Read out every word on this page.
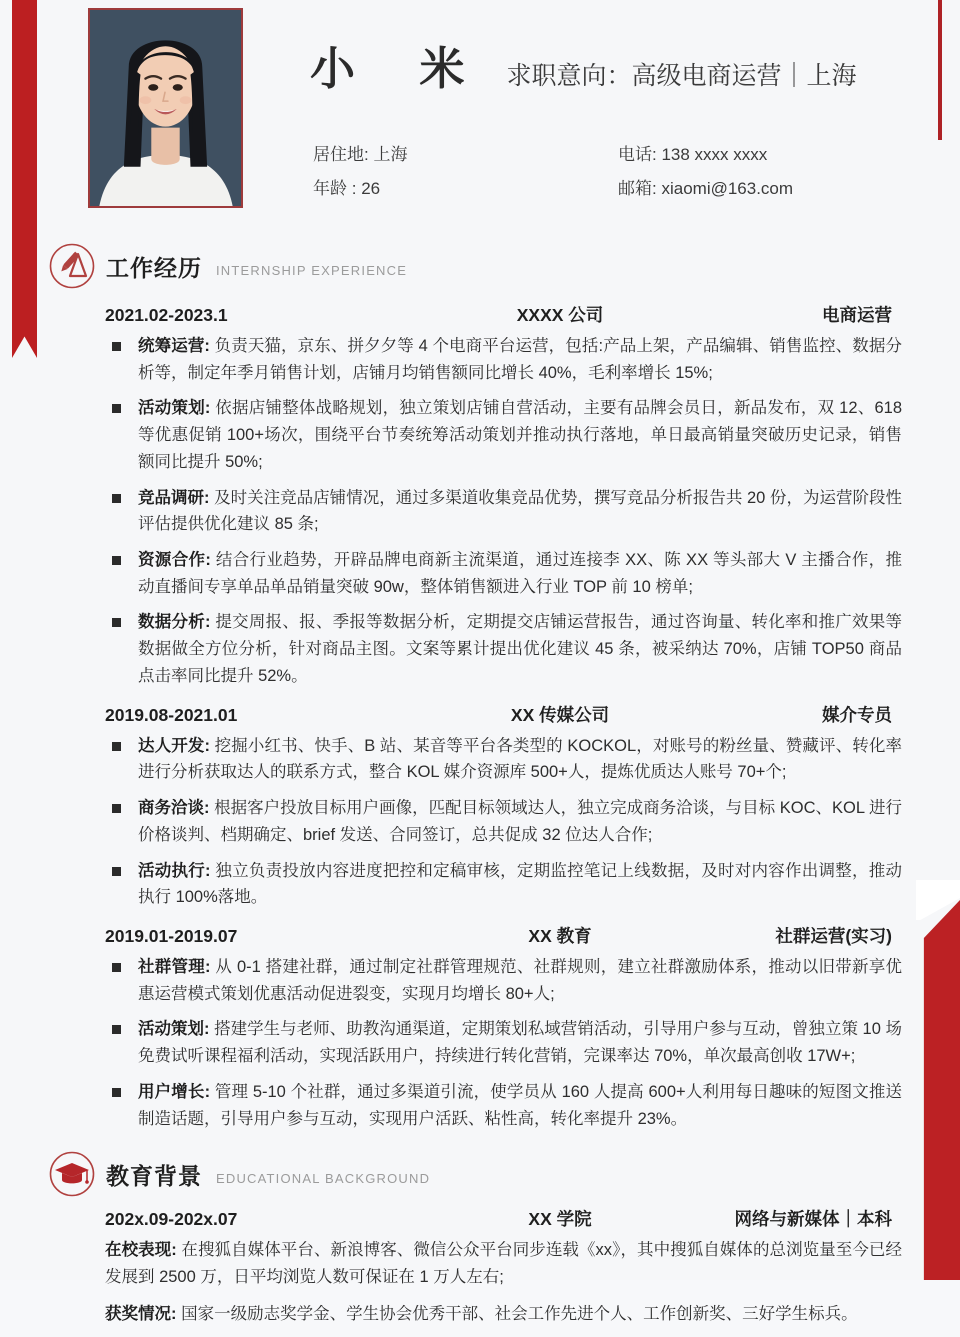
小 米 求职意向：高级电商运营｜上海
居住地: 上海	电话: 138 xxxx xxxx
年龄 : 26	邮箱: xiaomi@163.com
工作经历 INTERNSHIP EXPERIENCE
2021.02-2023.1	XXXX 公司	电商运营
统筹运营: 负责天猫，京东、拼夕夕等 4 个电商平台运营，包括:产品上架，产品编辑、销售监控、数据分析等，制定年季月销售计划，店铺月均销售额同比增长 40%，毛利率增长 15%;
活动策划: 依据店铺整体战略规划，独立策划店铺自营活动，主要有品牌会员日，新品发布，双 12、618 等优惠促销 100+场次，围绕平台节奏统筹活动策划并推动执行落地，单日最高销量突破历史记录，销售额同比提升 50%;
竞品调研: 及时关注竞品店铺情况，通过多渠道收集竞品优势，撰写竞品分析报告共 20 份，为运营阶段性评估提供优化建议 85 条;
资源合作: 结合行业趋势，开辟品牌电商新主流渠道，通过连接李 XX、陈 XX 等头部大 V 主播合作，推动直播间专享单品单品销量突破 90w，整体销售额进入行业 TOP 前 10 榜单;
数据分析: 提交周报、报、季报等数据分析，定期提交店铺运营报告，通过咨询量、转化率和推广效果等数据做全方位分析，针对商品主图。文案等累计提出优化建议 45 条，被采纳达 70%，店铺 TOP50 商品点击率同比提升 52%。
2019.08-2021.01	XX 传媒公司	媒介专员
达人开发: 挖掘小红书、快手、B 站、某音等平台各类型的 KOCKOL，对账号的粉丝量、赞藏评、转化率进行分析获取达人的联系方式，整合 KOL 媒介资源库 500+人，提炼优质达人账号 70+个;
商务洽谈: 根据客户投放目标用户画像，匹配目标领域达人，独立完成商务洽谈，与目标 KOC、KOL 进行价格谈判、档期确定、brief 发送、合同签订，总共促成 32 位达人合作;
活动执行: 独立负责投放内容进度把控和定稿审核，定期监控笔记上线数据，及时对内容作出调整，推动执行 100%落地。
2019.01-2019.07	XX 教育	社群运营(实习)
社群管理: 从 0-1 搭建社群，通过制定社群管理规范、社群规则，建立社群激励体系，推动以旧带新享优惠运营模式策划优惠活动促进裂变，实现月均增长 80+人;
活动策划: 搭建学生与老师、助教沟通渠道，定期策划私域营销活动，引导用户参与互动，曾独立策 10 场免费试听课程福利活动，实现活跃用户，持续进行转化营销，完课率达 70%，单次最高创收 17W+;
用户增长: 管理 5-10 个社群，通过多渠道引流，使学员从 160 人提高 600+人利用每日趣味的短图文推送制造话题，引导用户参与互动，实现用户活跃、粘性高，转化率提升 23%。
教育背景 EDUCATIONAL BACKGROUND
202x.09-202x.07	XX 学院	网络与新媒体｜本科
在校表现: 在搜狐自媒体平台、新浪博客、微信公众平台同步连载《xx》，其中搜狐自媒体的总浏览量至今已经发展到 2500 万，日平均浏览人数可保证在 1 万人左右;
获奖情况: 国家一级励志奖学金、学生协会优秀干部、社会工作先进个人、工作创新奖、三好学生标兵。
